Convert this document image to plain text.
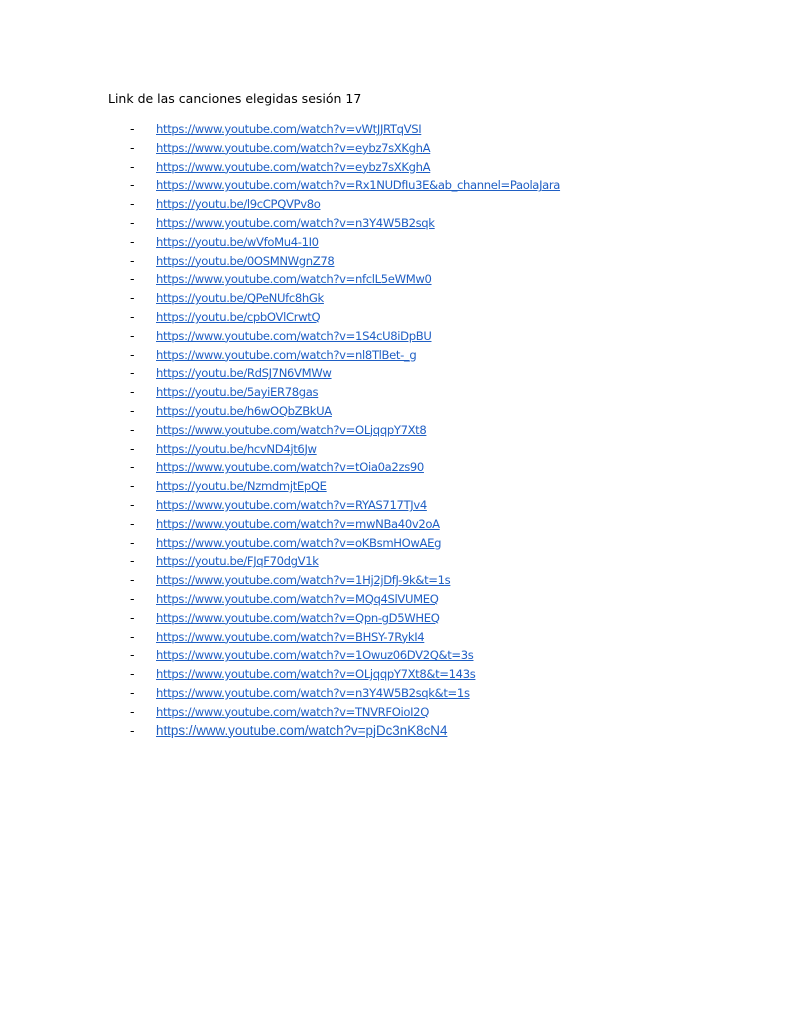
Link de las canciones elegidas sesión 17
- https://www.youtube.com/watch?v=vWtJJRTqVSI
- https://www.youtube.com/watch?v=eybz7sXKghA
- https://www.youtube.com/watch?v=eybz7sXKghA
- https://www.youtube.com/watch?v=Rx1NUDfIu3E&ab_channel=PaolaJara
- https://youtu.be/l9cCPQVPv8o
- https://www.youtube.com/watch?v=n3Y4W5B2sqk
- https://youtu.be/wVfoMu4-1I0
- https://youtu.be/0OSMNWgnZ78
- https://www.youtube.com/watch?v=nfclL5eWMw0
- https://youtu.be/QPeNUfc8hGk
- https://youtu.be/cpbOVlCrwtQ
- https://www.youtube.com/watch?v=1S4cU8iDpBU
- https://www.youtube.com/watch?v=nl8TlBet-_g
- https://youtu.be/RdSJ7N6VMWw
- https://youtu.be/5ayiER78gas
- https://youtu.be/h6wOQbZBkUA
- https://www.youtube.com/watch?v=OLjqqpY7Xt8
- https://youtu.be/hcvND4jt6Jw
- https://www.youtube.com/watch?v=tOia0a2zs90
- https://youtu.be/NzmdmjtEpQE
- https://www.youtube.com/watch?v=RYAS717TJv4
- https://www.youtube.com/watch?v=mwNBa40v2oA
- https://www.youtube.com/watch?v=oKBsmHOwAEg
- https://youtu.be/FJqF70dgV1k
- https://www.youtube.com/watch?v=1Hj2jDfJ-9k&t=1s
- https://www.youtube.com/watch?v=MQq4SlVUMEQ
- https://www.youtube.com/watch?v=Qpn-gD5WHEQ
- https://www.youtube.com/watch?v=BHSY-7RykI4
- https://www.youtube.com/watch?v=1Owuz06DV2Q&t=3s
- https://www.youtube.com/watch?v=OLjqqpY7Xt8&t=143s
- https://www.youtube.com/watch?v=n3Y4W5B2sqk&t=1s
- https://www.youtube.com/watch?v=TNVRFOioI2Q
- https://www.youtube.com/watch?v=pjDc3nK8cN4
